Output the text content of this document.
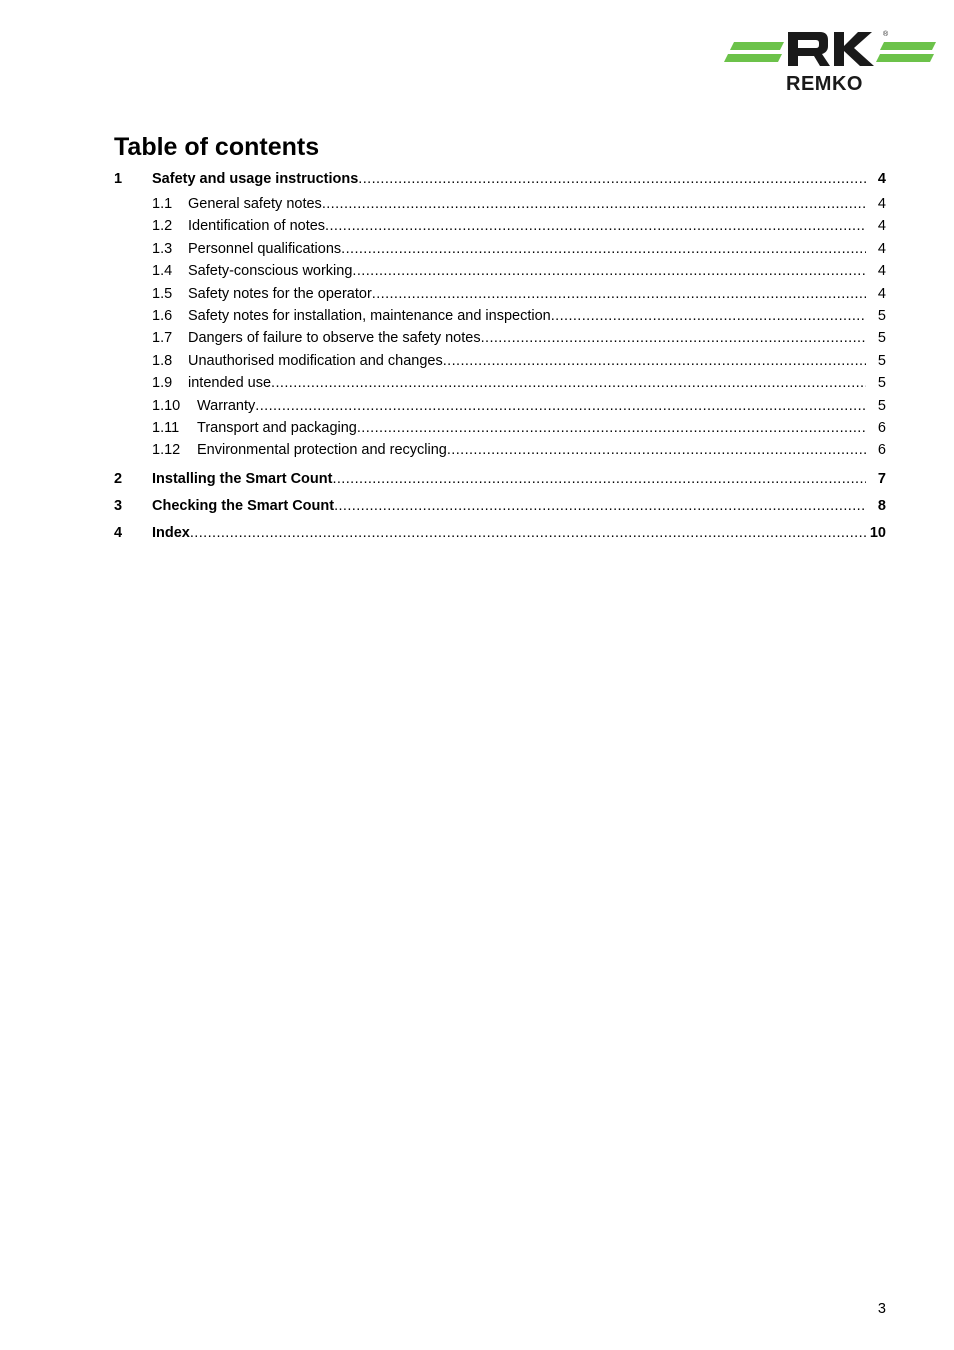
®
REMKO
Table of contents
1	Safety and usage instructions .....	4
1.1	General safety notes .....	4
1.2	Identification of notes .....	4
1.3	Personnel qualifications .....	4
1.4	Safety-conscious working .....	4
1.5	Safety notes for the operator .....	4
1.6	Safety notes for installation, maintenance and inspection .....	5
1.7	Dangers of failure to observe the safety notes .....	5
1.8	Unauthorised modification and changes .....	5
1.9	intended use .....	5
1.10	Warranty .....	5
1.11	Transport and packaging .....	6
1.12	Environmental protection and recycling .....	6
2	Installing the Smart Count .....	7
3	Checking the Smart Count .....	8
4	Index .....	10
3
